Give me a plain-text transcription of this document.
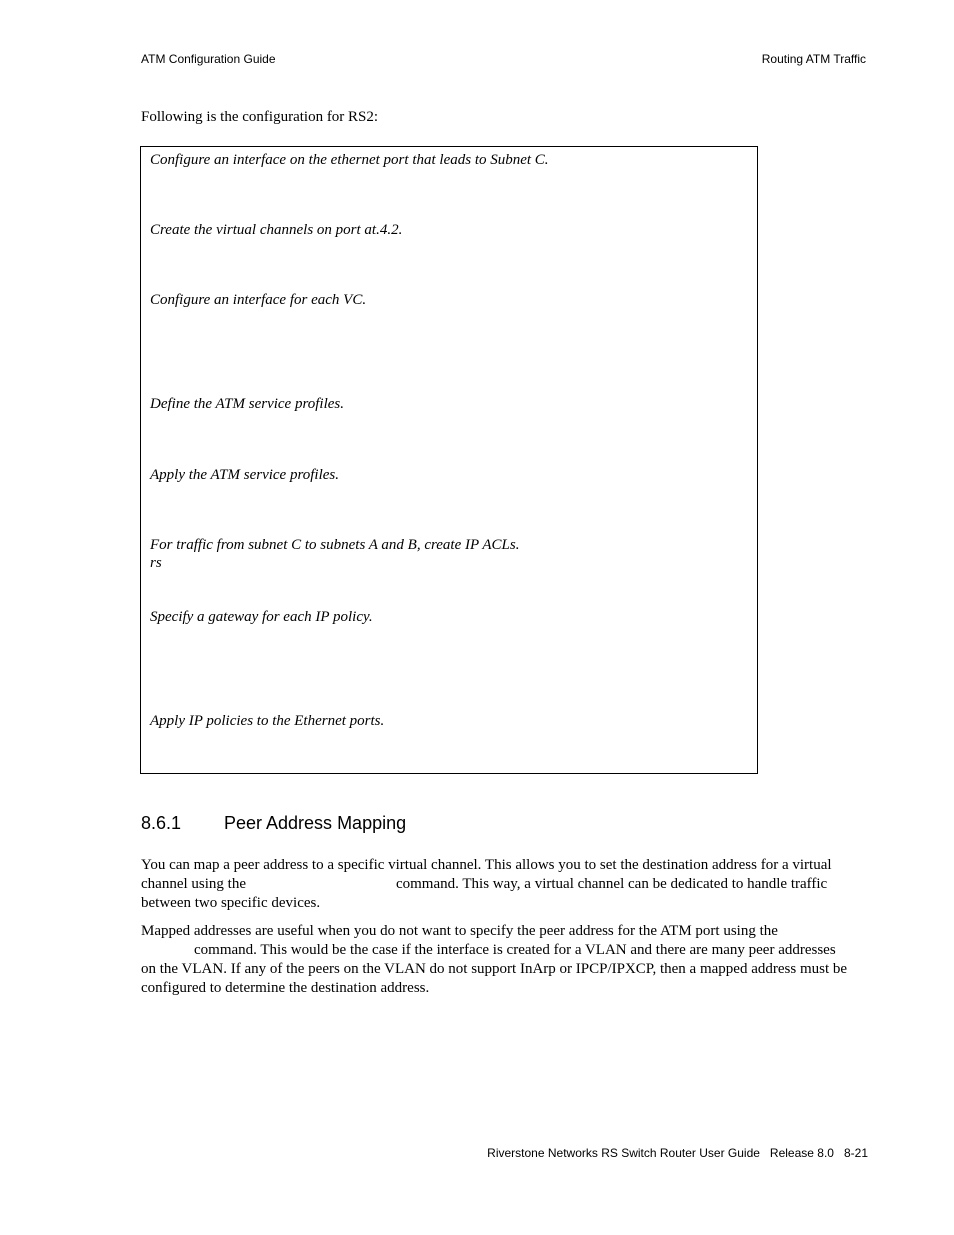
ATM Configuration Guide	Routing ATM Traffic
Following is the configuration for RS2:
Configure an interface on the ethernet port that leads to Subnet C.
Create the virtual channels on port at.4.2.
Configure an interface for each VC.
Define the ATM service profiles.
Apply the ATM service profiles.
For traffic from subnet C to subnets A and B, create IP ACLs.
rs
Specify a gateway for each IP policy.
Apply IP policies to the Ethernet ports.
8.6.1 Peer Address Mapping
You can map a peer address to a specific virtual channel. This allows you to set the destination address for a virtual
channel using the	command. This way, a virtual channel can be dedicated to handle traffic
between two specific devices.
Mapped addresses are useful when you do not want to specify the peer address for the ATM port using the
command. This would be the case if the interface is created for a VLAN and there are many peer addresses
on the VLAN. If any of the peers on the VLAN do not support InArp or IPCP/IPXCP, then a mapped address must be
configured to determine the destination address.
Riverstone Networks RS Switch Router User Guide Release 8.0 8-21
